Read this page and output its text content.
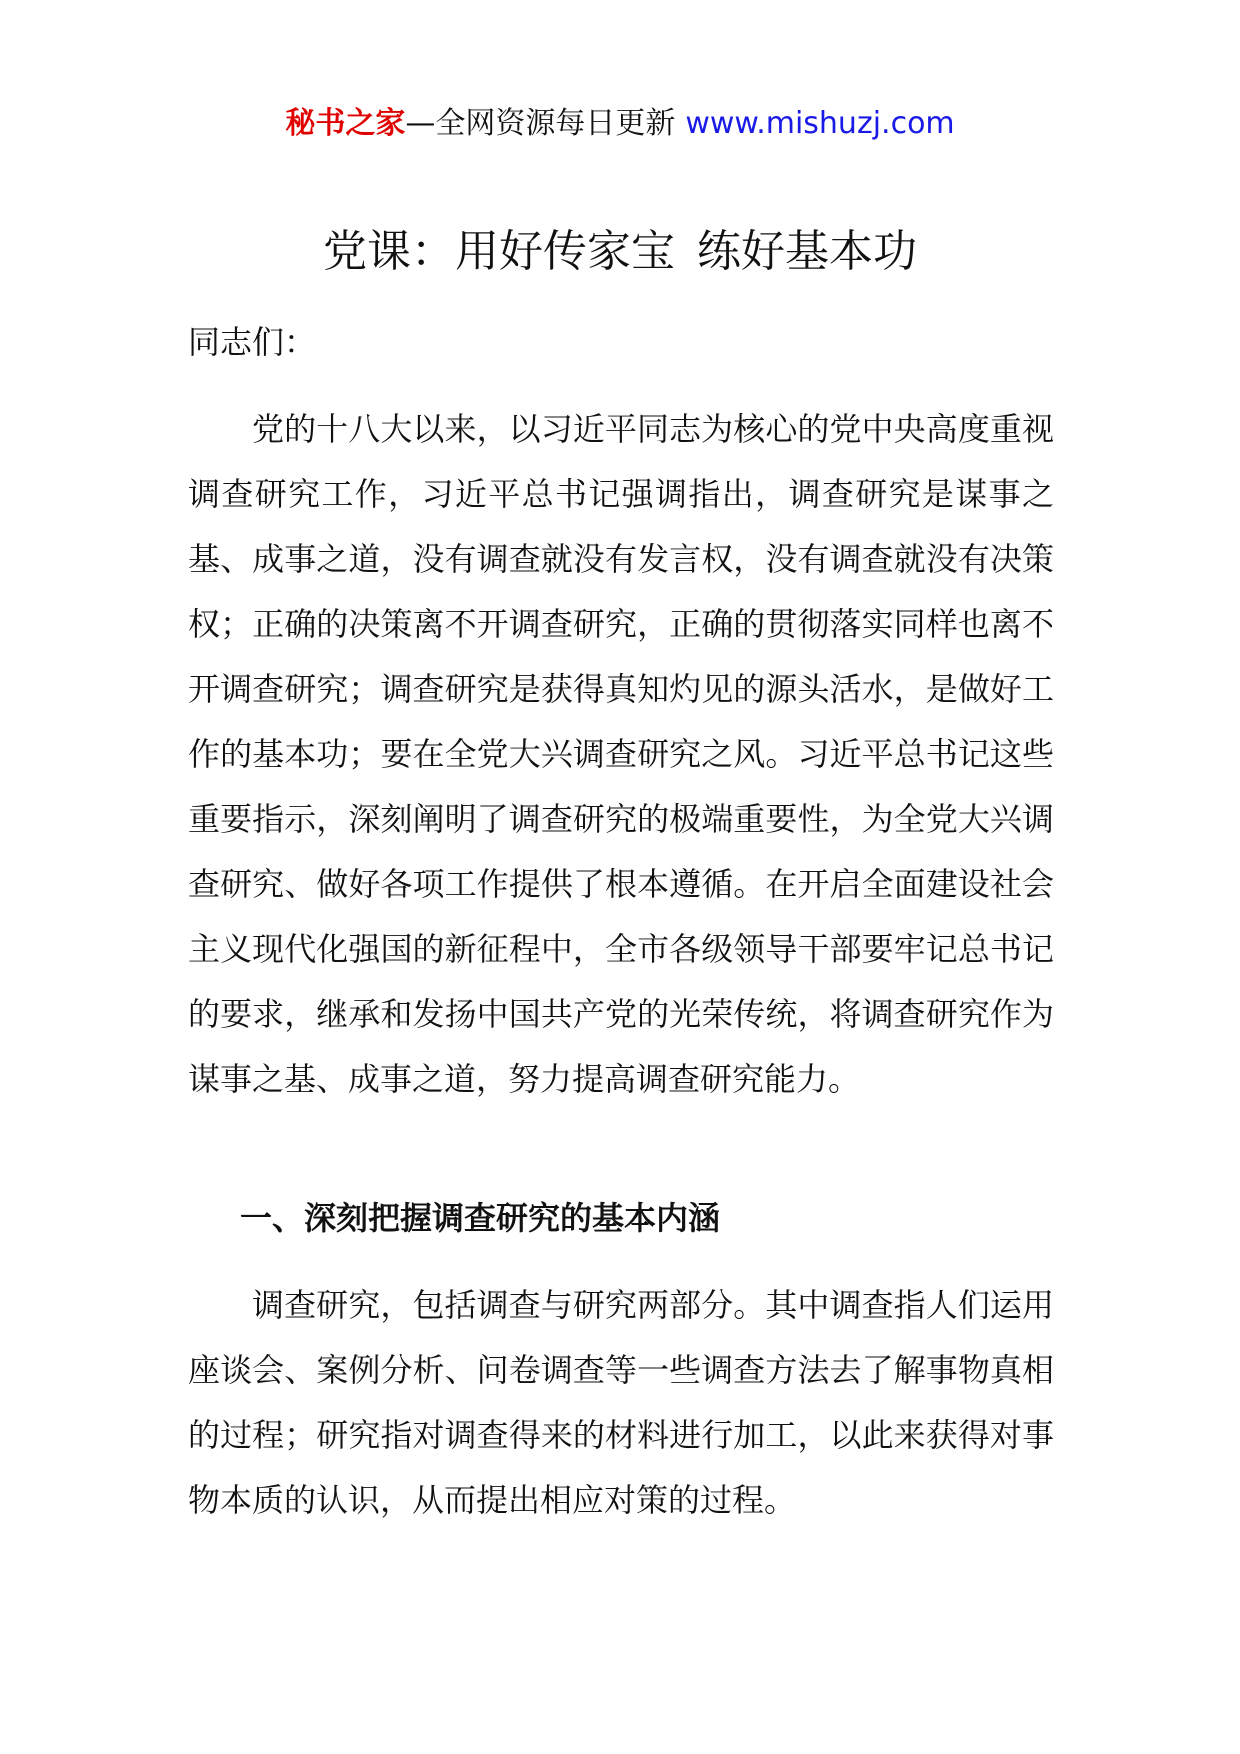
秘书之家—全网资源每日更新 www.mishuzj.com
党课：用好传家宝 练好基本功
同志们：

党的十八大以来，以习近平同志为核心的党中央高度重视调查研究工作，习近平总书记强调指出，调查研究是谋事之基、成事之道，没有调查就没有发言权，没有调查就没有决策权；正确的决策离不开调查研究，正确的贯彻落实同样也离不开调查研究；调查研究是获得真知灼见的源头活水，是做好工作的基本功；要在全党大兴调查研究之风。习近平总书记这些重要指示，深刻阐明了调查研究的极端重要性，为全党大兴调查研究、做好各项工作提供了根本遵循。在开启全面建设社会主义现代化强国的新征程中，全市各级领导干部要牢记总书记的要求，继承和发扬中国共产党的光荣传统，将调查研究作为谋事之基、成事之道，努力提高调查研究能力。

一、深刻把握调查研究的基本内涵

调查研究，包括调查与研究两部分。其中调查指人们运用座谈会、案例分析、问卷调查等一些调查方法去了解事物真相的过程；研究指对调查得来的材料进行加工，以此来获得对事物本质的认识，从而提出相应对策的过程。
